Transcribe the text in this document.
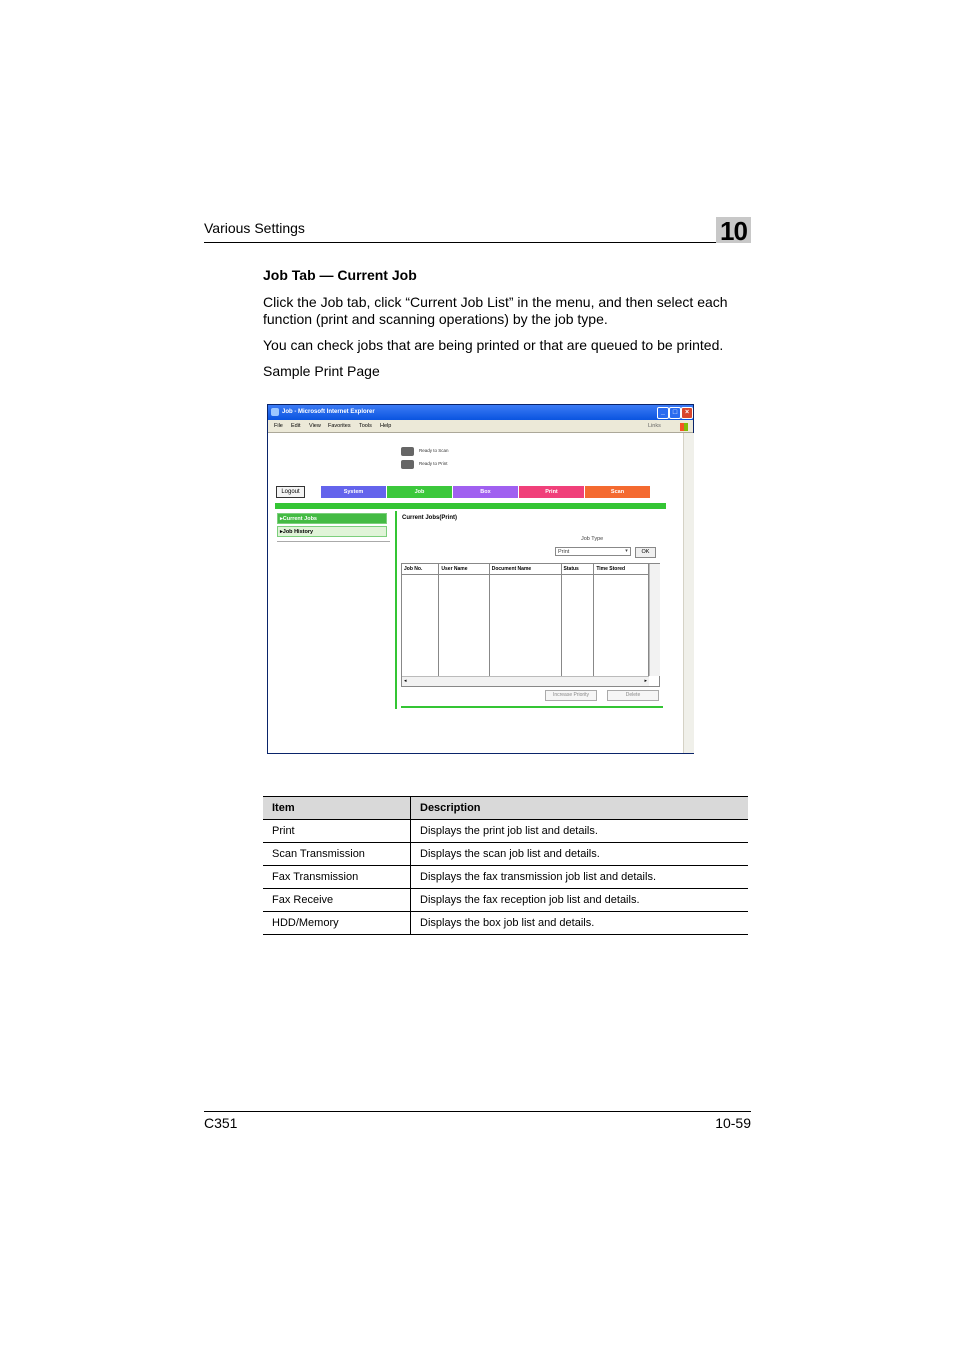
Various Settings	10
Job Tab — Current Job
Click the Job tab, click “Current Job List” in the menu, and then select each function (print and scanning operations) by the job type.
You can check jobs that are being printed or that are queued to be printed.
Sample Print Page
Job - Microsoft Internet Explorer	_	□	×
File Edit View Favorites Tools Help	Links
Ready to Scan
Ready to Print
Logout	System	Job	Box	Print	Scan
▸Current Jobs
▸Job History
Current Jobs(Print)
Job Type
Print	▾	OK
Job No.	User Name	Document Name	Status	Time Stored

◂	▸
Increase Priority	Delete
Item	Description
Print	Displays the print job list and details.
Scan Transmission	Displays the scan job list and details.
Fax Transmission	Displays the fax transmission job list and details.
Fax Receive	Displays the fax reception job list and details.
HDD/Memory	Displays the box job list and details.
C351	10-59
